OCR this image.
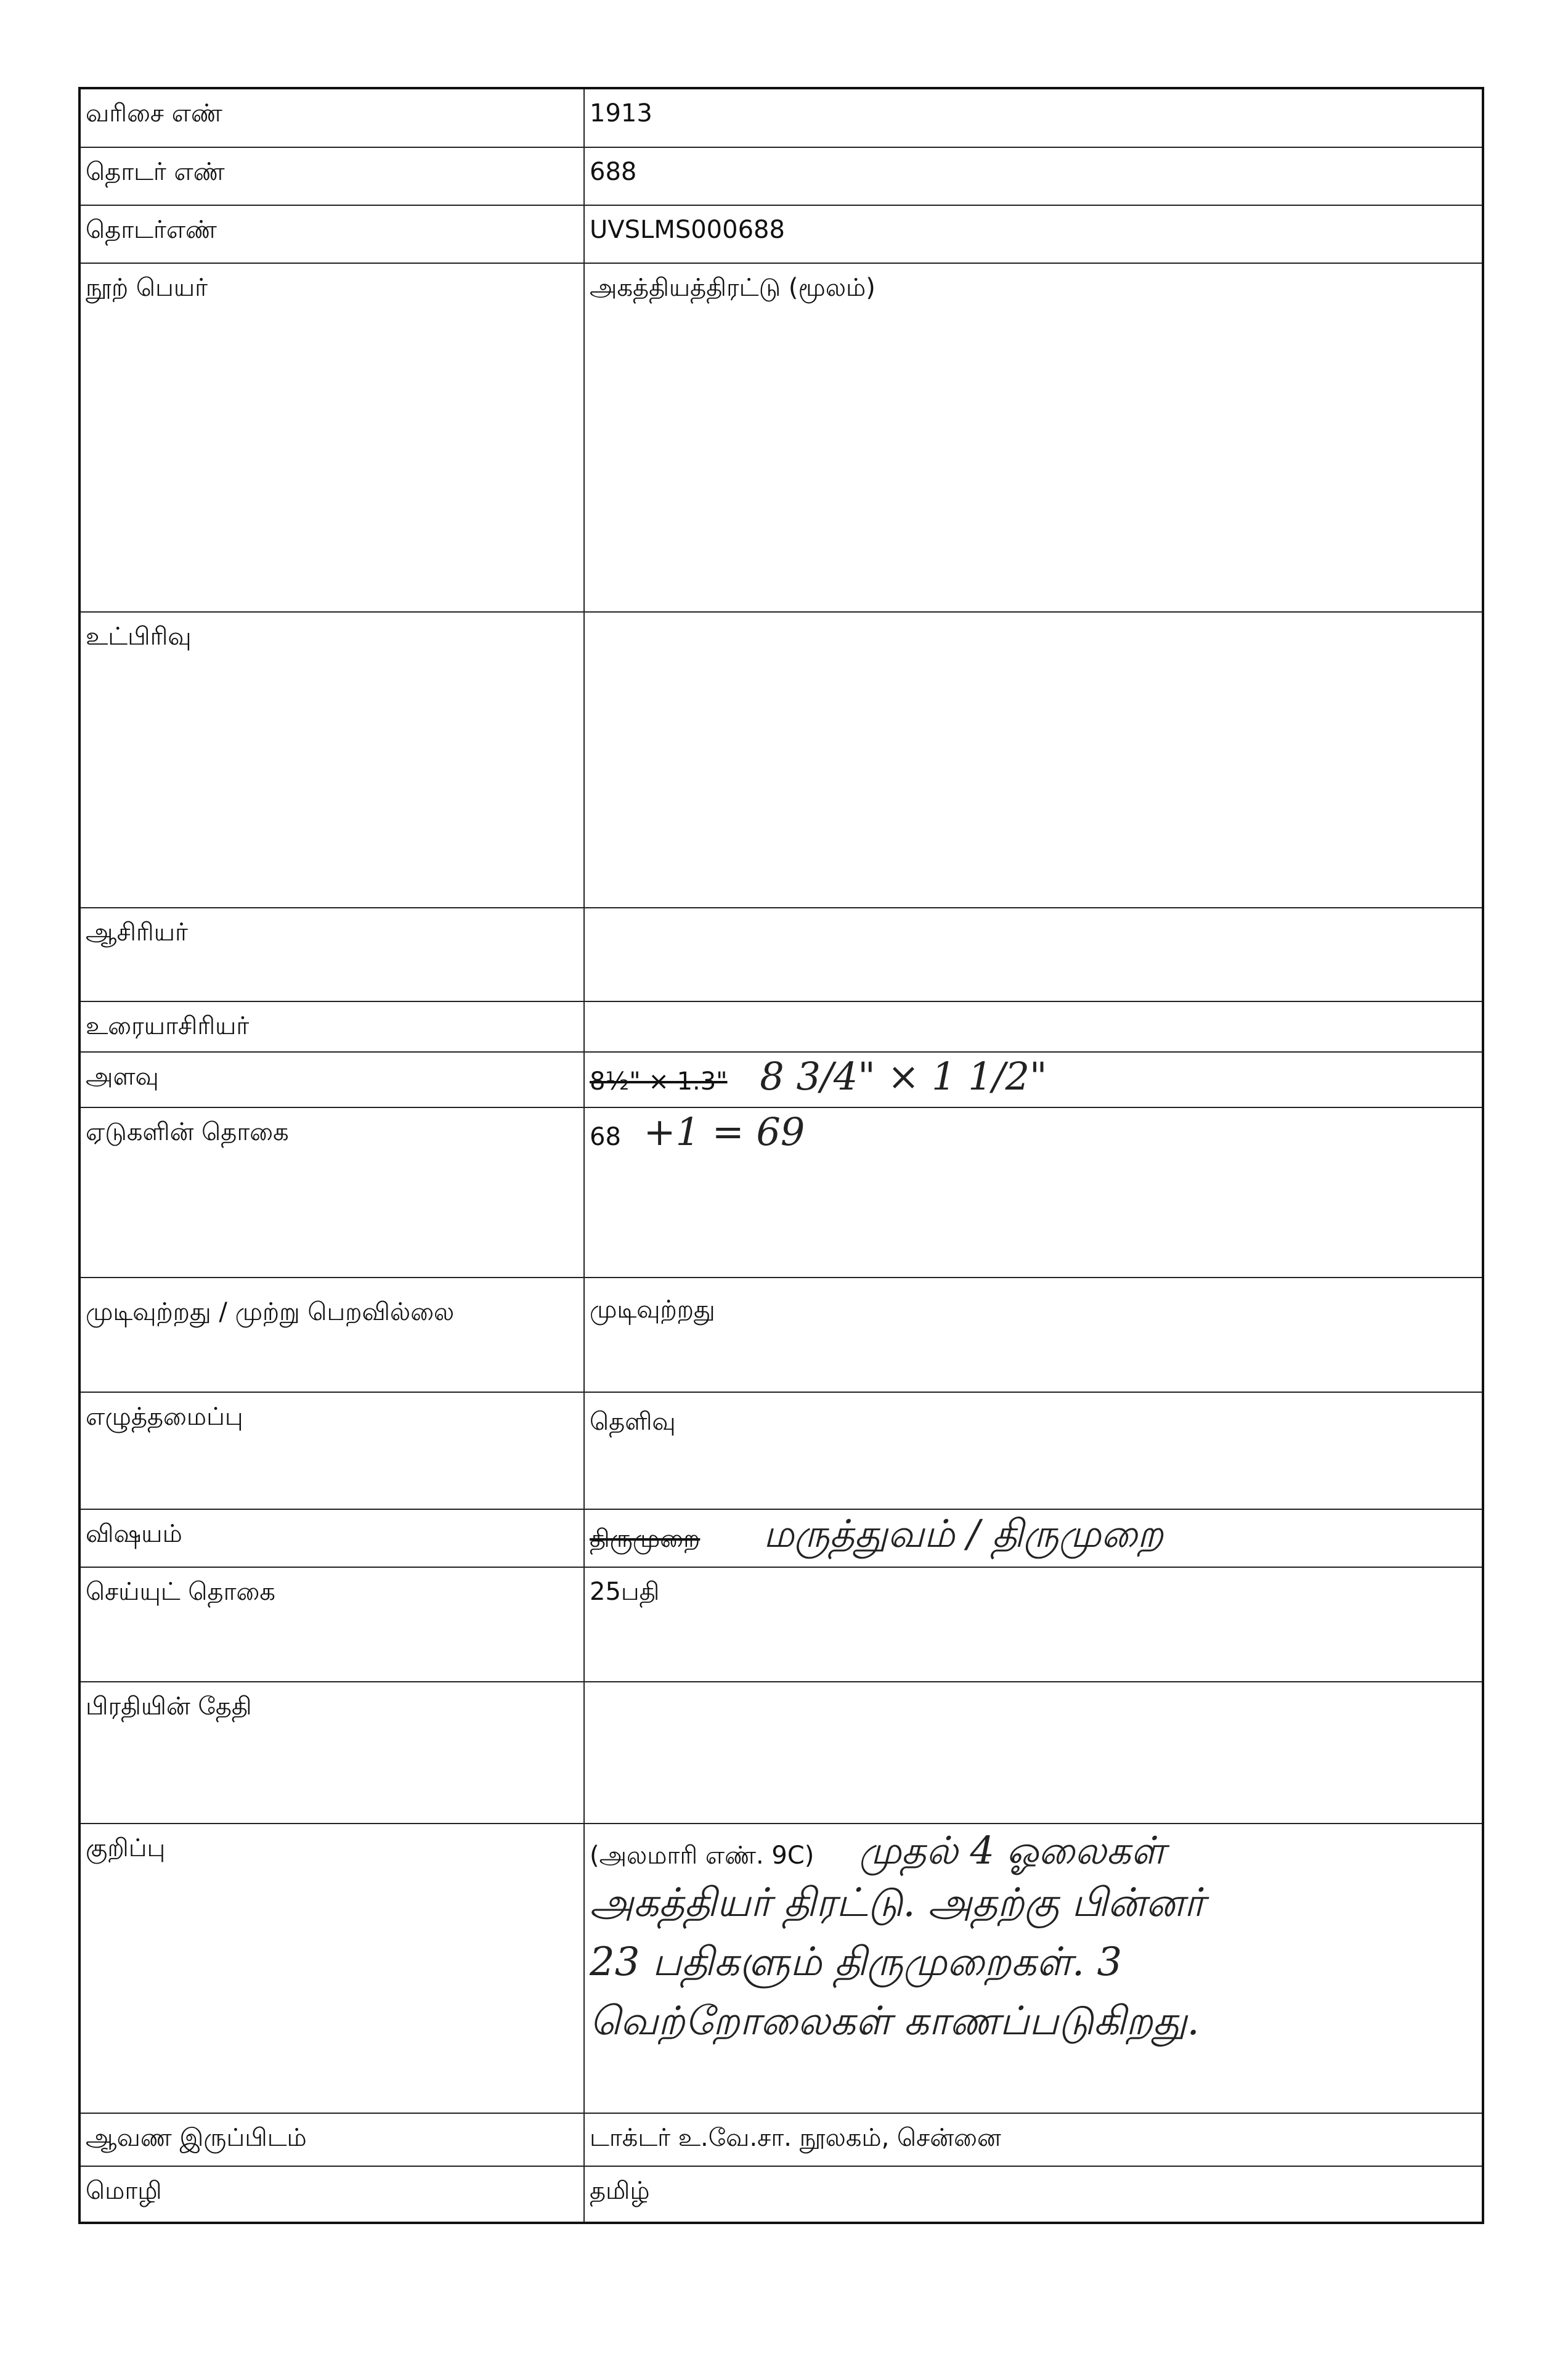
வரிசை எண்	1913
தொடர் எண்	688
தொடர்எண்	UVSLMS000688
நூற் பெயர்	அகத்தியத்திரட்டு (மூலம்)
உட்பிரிவு	
ஆசிரியர்	
உரையாசிரியர்	
அளவு	8½" × 1.3" 8 3/4" × 1 1/2"
ஏடுகளின் தொகை	68 +1 = 69
முடிவுற்றது / முற்று பெறவில்லை	முடிவுற்றது
எழுத்தமைப்பு	தெளிவு
விஷயம்	திருமுறை மருத்துவம் / திருமுறை
செய்யுட் தொகை	25பதி
பிரதியின் தேதி	
குறிப்பு	(அலமாரி எண். 9C) முதல் 4 ஓலைகள்
அகத்தியர் திரட்டு. அதற்கு பின்னர்
23 பதிகளும் திருமுறைகள். 3
வெற்றோலைகள் காணப்படுகிறது.

ஆவண இருப்பிடம்	டாக்டர் உ.வே.சா. நூலகம், சென்னை
மொழி	தமிழ்
